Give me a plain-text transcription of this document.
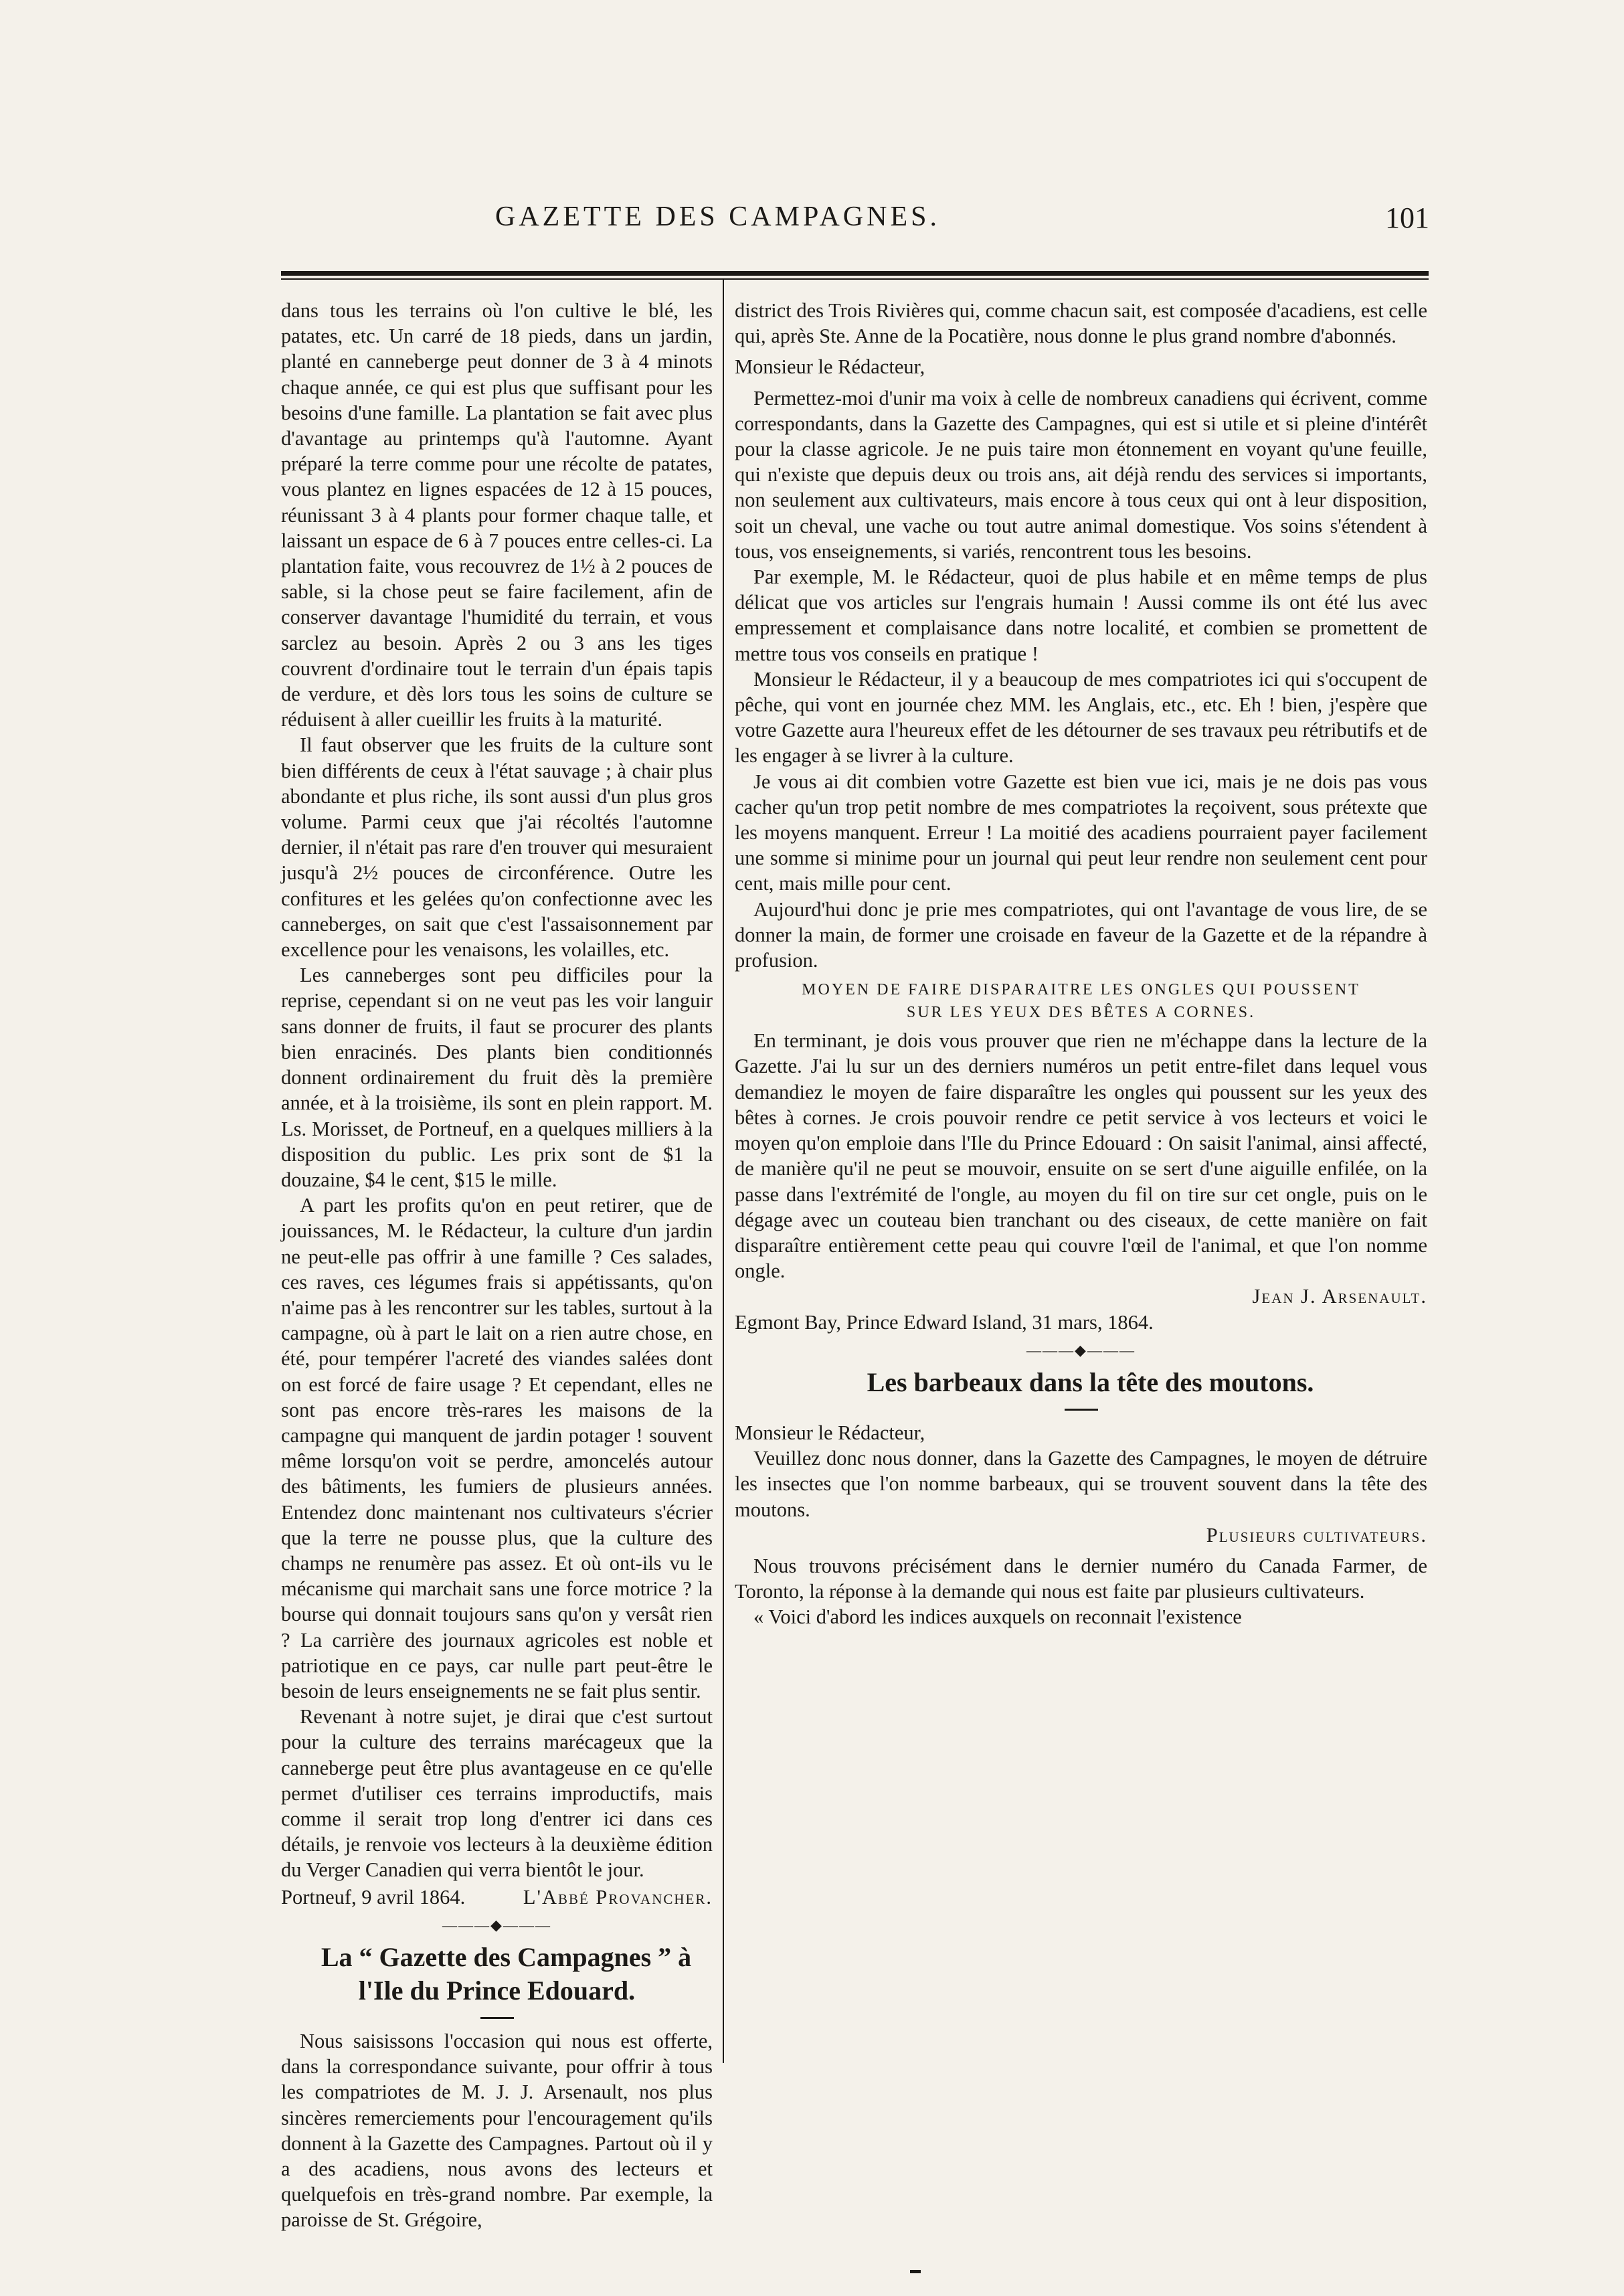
GAZETTE DES CAMPAGNES.	101

dans tous les terrains où l'on cultive le blé, les patates, etc. Un carré de 18 pieds, dans un jardin, planté en canneberge peut donner de 3 à 4 minots chaque année, ce qui est plus que suffisant pour les besoins d'une famille. La plantation se fait avec plus d'avantage au printemps qu'à l'automne. Ayant préparé la terre comme pour une récolte de patates, vous plantez en lignes espacées de 12 à 15 pouces, réunissant 3 à 4 plants pour former chaque talle, et laissant un espace de 6 à 7 pouces entre celles-ci. La plantation faite, vous recouvrez de 1½ à 2 pouces de sable, si la chose peut se faire facilement, afin de conserver davantage l'humidité du terrain, et vous sarclez au besoin. Après 2 ou 3 ans les tiges couvrent d'ordinaire tout le terrain d'un épais tapis de verdure, et dès lors tous les soins de culture se réduisent à aller cueillir les fruits à la maturité.

Il faut observer que les fruits de la culture sont bien différents de ceux à l'état sauvage ; à chair plus abondante et plus riche, ils sont aussi d'un plus gros volume. Parmi ceux que j'ai récoltés l'automne dernier, il n'était pas rare d'en trouver qui mesuraient jusqu'à 2½ pouces de circonférence. Outre les confitures et les gelées qu'on confectionne avec les canneberges, on sait que c'est l'assaisonnement par excellence pour les venaisons, les volailles, etc.

Les canneberges sont peu difficiles pour la reprise, cependant si on ne veut pas les voir languir sans donner de fruits, il faut se procurer des plants bien enracinés. Des plants bien conditionnés donnent ordinairement du fruit dès la première année, et à la troisième, ils sont en plein rapport. M. Ls. Morisset, de Portneuf, en a quelques milliers à la disposition du public. Les prix sont de $1 la douzaine, $4 le cent, $15 le mille.

A part les profits qu'on en peut retirer, que de jouissances, M. le Rédacteur, la culture d'un jardin ne peut-elle pas offrir à une famille ? Ces salades, ces raves, ces légumes frais si appétissants, qu'on n'aime pas à les rencontrer sur les tables, surtout à la campagne, où à part le lait on a rien autre chose, en été, pour tempérer l'acreté des viandes salées dont on est forcé de faire usage ? Et cependant, elles ne sont pas encore très-rares les maisons de la campagne qui manquent de jardin potager ! souvent même lorsqu'on voit se perdre, amoncelés autour des bâtiments, les fumiers de plusieurs années. Entendez donc maintenant nos cultivateurs s'écrier que la terre ne pousse plus, que la culture des champs ne renumère pas assez. Et où ont-ils vu le mécanisme qui marchait sans une force motrice ? la bourse qui donnait toujours sans qu'on y versât rien ? La carrière des journaux agricoles est noble et patriotique en ce pays, car nulle part peut-être le besoin de leurs enseignements ne se fait plus sentir.

Revenant à notre sujet, je dirai que c'est surtout pour la culture des terrains marécageux que la canneberge peut être plus avantageuse en ce qu'elle permet d'utiliser ces terrains improductifs, mais comme il serait trop long d'entrer ici dans ces détails, je renvoie vos lecteurs à la deuxième édition du Verger Canadien qui verra bientôt le jour.

Portneuf, 9 avril 1864.	L'Abbé Provancher.
―――◆―――

La “ Gazette des Campagnes ” à l'Ile du Prince Edouard.

Nous saisissons l'occasion qui nous est offerte, dans la correspondance suivante, pour offrir à tous les compatriotes de M. J. J. Arsenault, nos plus sincères remerciements pour l'encouragement qu'ils donnent à la Gazette des Campagnes. Partout où il y a des acadiens, nous avons des lecteurs et quelquefois en très-grand nombre. Par exemple, la paroisse de St. Grégoire,

district des Trois Rivières qui, comme chacun sait, est composée d'acadiens, est celle qui, après Ste. Anne de la Pocatière, nous donne le plus grand nombre d'abonnés.

Monsieur le Rédacteur,

Permettez-moi d'unir ma voix à celle de nombreux canadiens qui écrivent, comme correspondants, dans la Gazette des Campagnes, qui est si utile et si pleine d'intérêt pour la classe agricole. Je ne puis taire mon étonnement en voyant qu'une feuille, qui n'existe que depuis deux ou trois ans, ait déjà rendu des services si importants, non seulement aux cultivateurs, mais encore à tous ceux qui ont à leur disposition, soit un cheval, une vache ou tout autre animal domestique. Vos soins s'étendent à tous, vos enseignements, si variés, rencontrent tous les besoins.

Par exemple, M. le Rédacteur, quoi de plus habile et en même temps de plus délicat que vos articles sur l'engrais humain ! Aussi comme ils ont été lus avec empressement et complaisance dans notre localité, et combien se promettent de mettre tous vos conseils en pratique !

Monsieur le Rédacteur, il y a beaucoup de mes compatriotes ici qui s'occupent de pêche, qui vont en journée chez MM. les Anglais, etc., etc. Eh ! bien, j'espère que votre Gazette aura l'heureux effet de les détourner de ses travaux peu rétributifs et de les engager à se livrer à la culture.

Je vous ai dit combien votre Gazette est bien vue ici, mais je ne dois pas vous cacher qu'un trop petit nombre de mes compatriotes la reçoivent, sous prétexte que les moyens manquent. Erreur ! La moitié des acadiens pourraient payer facilement une somme si minime pour un journal qui peut leur rendre non seulement cent pour cent, mais mille pour cent.

Aujourd'hui donc je prie mes compatriotes, qui ont l'avantage de vous lire, de se donner la main, de former une croisade en faveur de la Gazette et de la répandre à profusion.

MOYEN DE FAIRE DISPARAITRE LES ONGLES QUI POUSSENT
SUR LES YEUX DES BÊTES A CORNES.

En terminant, je dois vous prouver que rien ne m'échappe dans la lecture de la Gazette. J'ai lu sur un des derniers numéros un petit entre-filet dans lequel vous demandiez le moyen de faire disparaître les ongles qui poussent sur les yeux des bêtes à cornes. Je crois pouvoir rendre ce petit service à vos lecteurs et voici le moyen qu'on emploie dans l'Ile du Prince Edouard : On saisit l'animal, ainsi affecté, de manière qu'il ne peut se mouvoir, ensuite on se sert d'une aiguille enfilée, on la passe dans l'extrémité de l'ongle, au moyen du fil on tire sur cet ongle, puis on le dégage avec un couteau bien tranchant ou des ciseaux, de cette manière on fait disparaître entièrement cette peau qui couvre l'œil de l'animal, et que l'on nomme ongle.

Jean J. Arsenault.

Egmont Bay, Prince Edward Island, 31 mars, 1864.

―――◆―――

Les barbeaux dans la tête des moutons.

Monsieur le Rédacteur,

Veuillez donc nous donner, dans la Gazette des Campagnes, le moyen de détruire les insectes que l'on nomme barbeaux, qui se trouvent souvent dans la tête des moutons.

Plusieurs cultivateurs.

Nous trouvons précisément dans le dernier numéro du Canada Farmer, de Toronto, la réponse à la demande qui nous est faite par plusieurs cultivateurs.

« Voici d'abord les indices auxquels on reconnait l'existence
